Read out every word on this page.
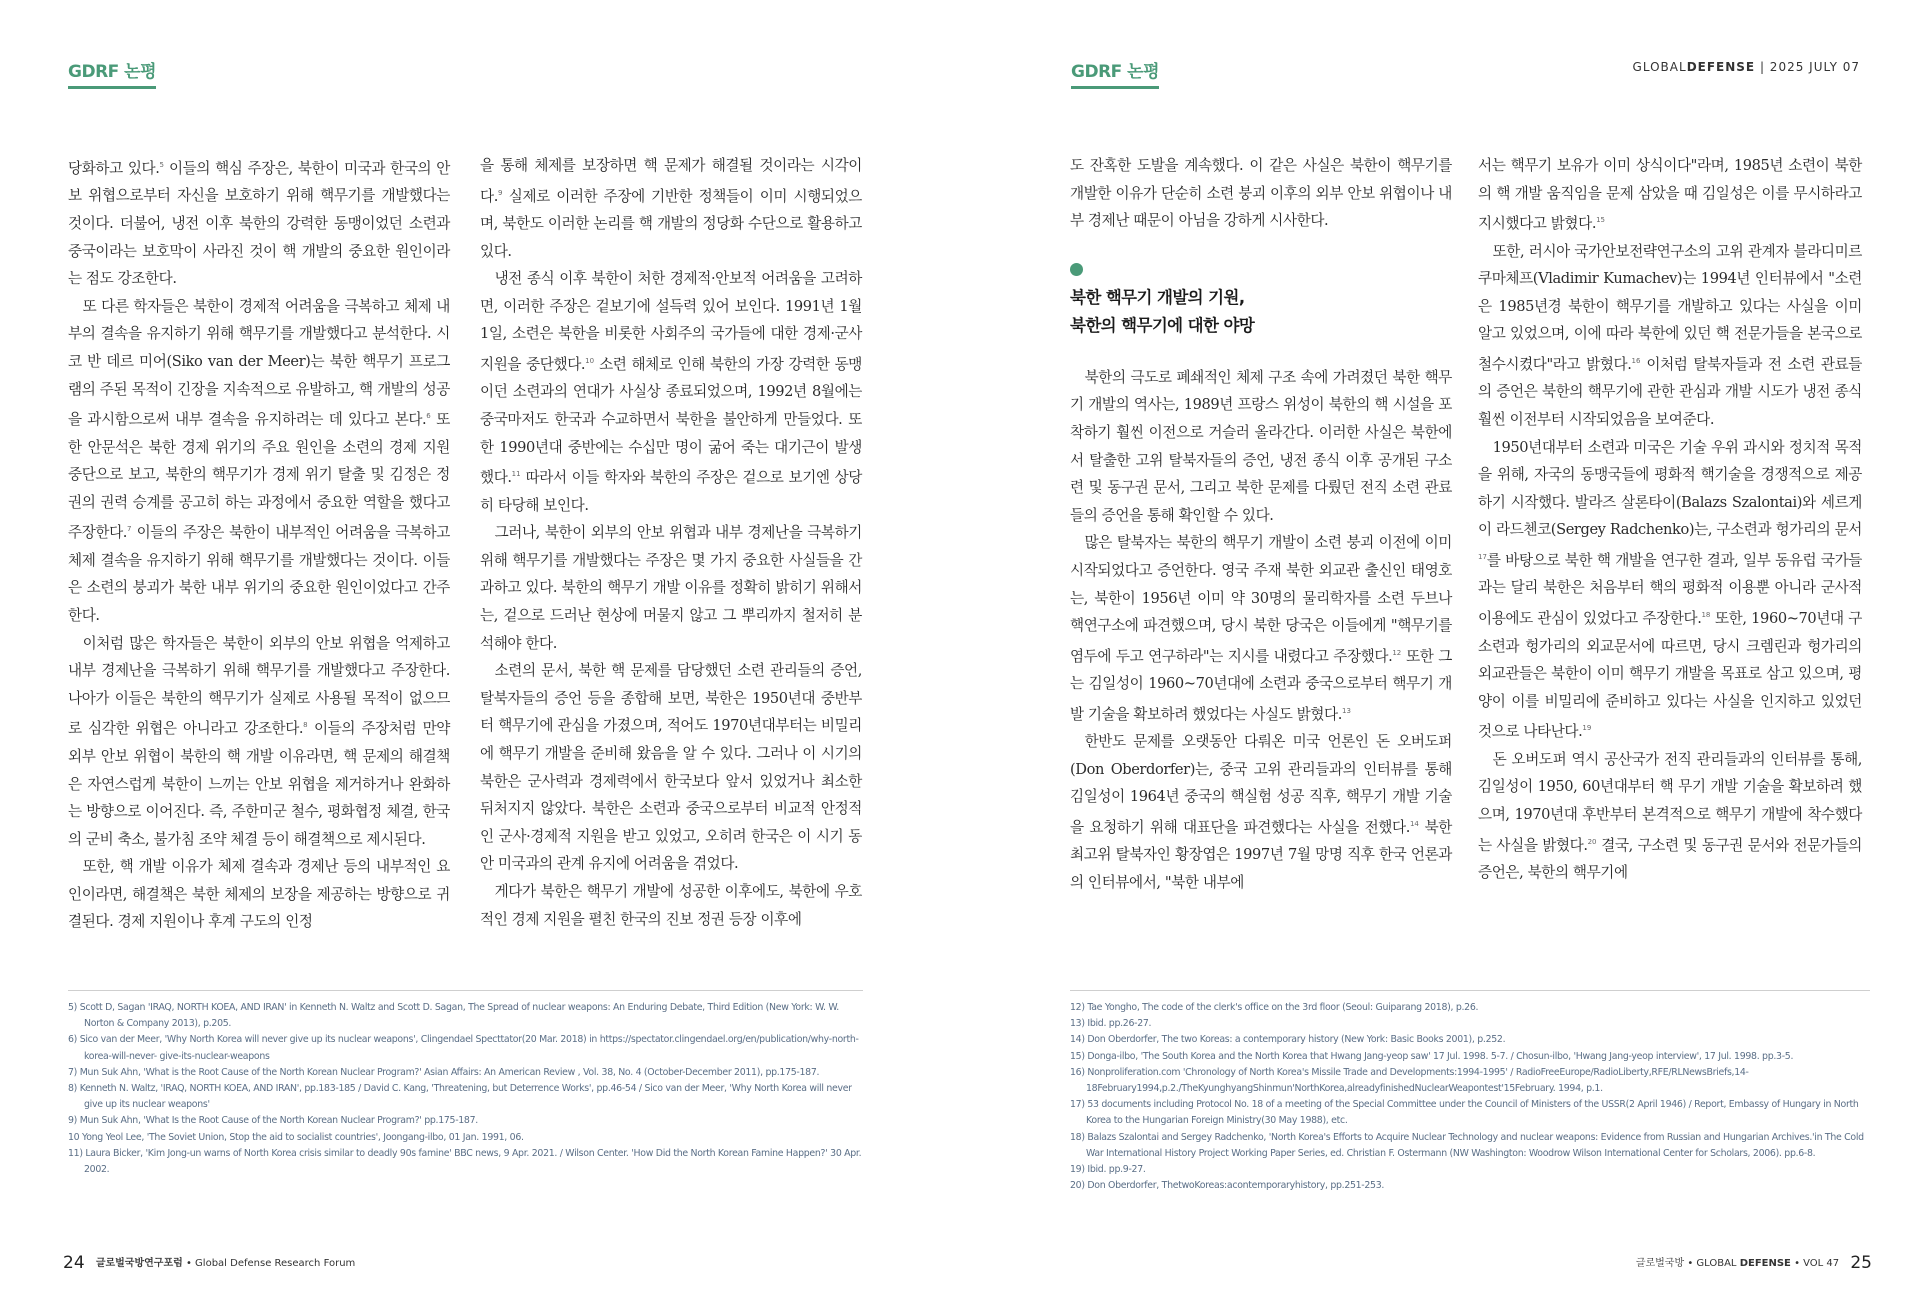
GDRF 논평

당화하고 있다.$^5$ 이들의 핵심 주장은, 북한이 미국과 한국의 안보 위협으로부터 자신을 보호하기 위해 핵무기를 개발했다는 것이다. 더불어, 냉전 이후 북한의 강력한 동맹이었던 소련과 중국이라는 보호막이 사라진 것이 핵 개발의 중요한 원인이라는 점도 강조한다.

또 다른 학자들은 북한이 경제적 어려움을 극복하고 체제 내부의 결속을 유지하기 위해 핵무기를 개발했다고 분석한다. 시코 반 데르 미어(Siko van der Meer)는 북한 핵무기 프로그램의 주된 목적이 긴장을 지속적으로 유발하고, 핵 개발의 성공을 과시함으로써 내부 결속을 유지하려는 데 있다고 본다.$^6$ 또한 안문석은 북한 경제 위기의 주요 원인을 소련의 경제 지원 중단으로 보고, 북한의 핵무기가 경제 위기 탈출 및 김정은 정권의 권력 승계를 공고히 하는 과정에서 중요한 역할을 했다고 주장한다.$^7$ 이들의 주장은 북한이 내부적인 어려움을 극복하고 체제 결속을 유지하기 위해 핵무기를 개발했다는 것이다. 이들은 소련의 붕괴가 북한 내부 위기의 중요한 원인이었다고 간주한다.

이처럼 많은 학자들은 북한이 외부의 안보 위협을 억제하고 내부 경제난을 극복하기 위해 핵무기를 개발했다고 주장한다. 나아가 이들은 북한의 핵무기가 실제로 사용될 목적이 없으므로 심각한 위협은 아니라고 강조한다.$^8$ 이들의 주장처럼 만약 외부 안보 위협이 북한의 핵 개발 이유라면, 핵 문제의 해결책은 자연스럽게 북한이 느끼는 안보 위협을 제거하거나 완화하는 방향으로 이어진다. 즉, 주한미군 철수, 평화협정 체결, 한국의 군비 축소, 불가침 조약 체결 등이 해결책으로 제시된다.

또한, 핵 개발 이유가 체제 결속과 경제난 등의 내부적인 요인이라면, 해결책은 북한 체제의 보장을 제공하는 방향으로 귀결된다. 경제 지원이나 후계 구도의 인정

을 통해 체제를 보장하면 핵 문제가 해결될 것이라는 시각이다.$^9$ 실제로 이러한 주장에 기반한 정책들이 이미 시행되었으며, 북한도 이러한 논리를 핵 개발의 정당화 수단으로 활용하고 있다.

냉전 종식 이후 북한이 처한 경제적·안보적 어려움을 고려하면, 이러한 주장은 겉보기에 설득력 있어 보인다. 1991년 1월 1일, 소련은 북한을 비롯한 사회주의 국가들에 대한 경제·군사 지원을 중단했다.$^{10}$ 소련 해체로 인해 북한의 가장 강력한 동맹이던 소련과의 연대가 사실상 종료되었으며, 1992년 8월에는 중국마저도 한국과 수교하면서 북한을 불안하게 만들었다. 또한 1990년대 중반에는 수십만 명이 굶어 죽는 대기근이 발생했다.$^{11}$ 따라서 이들 학자와 북한의 주장은 겉으로 보기엔 상당히 타당해 보인다.

그러나, 북한이 외부의 안보 위협과 내부 경제난을 극복하기 위해 핵무기를 개발했다는 주장은 몇 가지 중요한 사실들을 간과하고 있다. 북한의 핵무기 개발 이유를 정확히 밝히기 위해서는, 겉으로 드러난 현상에 머물지 않고 그 뿌리까지 철저히 분석해야 한다.

소련의 문서, 북한 핵 문제를 담당했던 소련 관리들의 증언, 탈북자들의 증언 등을 종합해 보면, 북한은 1950년대 중반부터 핵무기에 관심을 가졌으며, 적어도 1970년대부터는 비밀리에 핵무기 개발을 준비해 왔음을 알 수 있다. 그러나 이 시기의 북한은 군사력과 경제력에서 한국보다 앞서 있었거나 최소한 뒤처지지 않았다. 북한은 소련과 중국으로부터 비교적 안정적인 군사·경제적 지원을 받고 있었고, 오히려 한국은 이 시기 동안 미국과의 관계 유지에 어려움을 겪었다.

게다가 북한은 핵무기 개발에 성공한 이후에도, 북한에 우호적인 경제 지원을 펼친 한국의 진보 정권 등장 이후에

5) Scott D, Sagan 'IRAQ, NORTH KOEA, AND IRAN' in Kenneth N. Waltz and Scott D. Sagan, The Spread of nuclear weapons: An Enduring Debate, Third Edition (New York: W. W. Norton & Company 2013), p.205.
6) Sico van der Meer, 'Why North Korea will never give up its nuclear weapons', Clingendael Specttator(20 Mar. 2018) in https://spectator.clingendael.org/en/publication/why-north-korea-will-never- give-its-nuclear-weapons
7) Mun Suk Ahn, 'What is the Root Cause of the North Korean Nuclear Program?' Asian Affairs: An American Review , Vol. 38, No. 4 (October-December 2011), pp.175-187.
8) Kenneth N. Waltz, 'IRAQ, NORTH KOEA, AND IRAN', pp.183-185 / David C. Kang, 'Threatening, but Deterrence Works', pp.46-54 / Sico van der Meer, 'Why North Korea will never give up its nuclear weapons'
9) Mun Suk Ahn, 'What Is the Root Cause of the North Korean Nuclear Program?' pp.175-187.
10 Yong Yeol Lee, 'The Soviet Union, Stop the aid to socialist countries', Joongang-ilbo, 01 Jan. 1991, 06.
11) Laura Bicker, 'Kim Jong-un warns of North Korea crisis similar to deadly 90s famine' BBC news, 9 Apr. 2021. / Wilson Center. 'How Did the North Korean Famine Happen?' 30 Apr. 2002.
24 글로벌국방연구포럼 • Global Defense Research Forum
GDRF 논평	GLOBALDEFENSE | 2025 JULY 07

도 잔혹한 도발을 계속했다. 이 같은 사실은 북한이 핵무기를 개발한 이유가 단순히 소련 붕괴 이후의 외부 안보 위협이나 내부 경제난 때문이 아님을 강하게 시사한다.

북한 핵무기 개발의 기원,
북한의 핵무기에 대한 야망

북한의 극도로 폐쇄적인 체제 구조 속에 가려졌던 북한 핵무기 개발의 역사는, 1989년 프랑스 위성이 북한의 핵 시설을 포착하기 훨씬 이전으로 거슬러 올라간다. 이러한 사실은 북한에서 탈출한 고위 탈북자들의 증언, 냉전 종식 이후 공개된 구소련 및 동구권 문서, 그리고 북한 문제를 다뤘던 전직 소련 관료들의 증언을 통해 확인할 수 있다.

많은 탈북자는 북한의 핵무기 개발이 소련 붕괴 이전에 이미 시작되었다고 증언한다. 영국 주재 북한 외교관 출신인 태영호는, 북한이 1956년 이미 약 30명의 물리학자를 소련 두브나 핵연구소에 파견했으며, 당시 북한 당국은 이들에게 "핵무기를 염두에 두고 연구하라"는 지시를 내렸다고 주장했다.$^{12}$ 또한 그는 김일성이 1960~70년대에 소련과 중국으로부터 핵무기 개발 기술을 확보하려 했었다는 사실도 밝혔다.$^{13}$

한반도 문제를 오랫동안 다뤄온 미국 언론인 돈 오버도퍼(Don Oberdorfer)는, 중국 고위 관리들과의 인터뷰를 통해 김일성이 1964년 중국의 핵실험 성공 직후, 핵무기 개발 기술을 요청하기 위해 대표단을 파견했다는 사실을 전했다.$^{14}$ 북한 최고위 탈북자인 황장엽은 1997년 7월 망명 직후 한국 언론과의 인터뷰에서, "북한 내부에

서는 핵무기 보유가 이미 상식이다"라며, 1985년 소련이 북한의 핵 개발 움직임을 문제 삼았을 때 김일성은 이를 무시하라고 지시했다고 밝혔다.$^{15}$

또한, 러시아 국가안보전략연구소의 고위 관계자 블라디미르 쿠마체프(Vladimir Kumachev)는 1994년 인터뷰에서 "소련은 1985년경 북한이 핵무기를 개발하고 있다는 사실을 이미 알고 있었으며, 이에 따라 북한에 있던 핵 전문가들을 본국으로 철수시켰다"라고 밝혔다.$^{16}$ 이처럼 탈북자들과 전 소련 관료들의 증언은 북한의 핵무기에 관한 관심과 개발 시도가 냉전 종식 훨씬 이전부터 시작되었음을 보여준다.

1950년대부터 소련과 미국은 기술 우위 과시와 정치적 목적을 위해, 자국의 동맹국들에 평화적 핵기술을 경쟁적으로 제공하기 시작했다. 발라즈 살론타이(Balazs Szalontai)와 세르게이 라드첸코(Sergey Radchenko)는, 구소련과 헝가리의 문서$^{17}$를 바탕으로 북한 핵 개발을 연구한 결과, 일부 동유럽 국가들과는 달리 북한은 처음부터 핵의 평화적 이용뿐 아니라 군사적 이용에도 관심이 있었다고 주장한다.$^{18}$ 또한, 1960~70년대 구소련과 헝가리의 외교문서에 따르면, 당시 크렘린과 헝가리의 외교관들은 북한이 이미 핵무기 개발을 목표로 삼고 있으며, 평양이 이를 비밀리에 준비하고 있다는 사실을 인지하고 있었던 것으로 나타난다.$^{19}$

돈 오버도퍼 역시 공산국가 전직 관리들과의 인터뷰를 통해, 김일성이 1950, 60년대부터 핵 무기 개발 기술을 확보하려 했으며, 1970년대 후반부터 본격적으로 핵무기 개발에 착수했다는 사실을 밝혔다.$^{20}$ 결국, 구소련 및 동구권 문서와 전문가들의 증언은, 북한의 핵무기에

12) Tae Yongho, The code of the clerk's office on the 3rd floor (Seoul: Guiparang 2018), p.26.
13) Ibid. pp.26-27.
14) Don Oberdorfer, The two Koreas: a contemporary history (New York: Basic Books 2001), p.252.
15) Donga-ilbo, 'The South Korea and the North Korea that Hwang Jang-yeop saw' 17 Jul. 1998. 5-7. / Chosun-ilbo, 'Hwang Jang-yeop interview', 17 Jul. 1998. pp.3-5.
16) Nonproliferation.com 'Chronology of North Korea's Missile Trade and Developments:1994-1995' / RadioFreeEurope/RadioLiberty,RFE/RLNewsBriefs,14-18February1994,p.2./TheKyunghyangShinmun'NorthKorea,alreadyfinishedNuclearWeapontest'15February. 1994, p.1.
17) 53 documents including Protocol No. 18 of a meeting of the Special Committee under the Council of Ministers of the USSR(2 April 1946) / Report, Embassy of Hungary in North Korea to the Hungarian Foreign Ministry(30 May 1988), etc.
18) Balazs Szalontai and Sergey Radchenko, 'North Korea's Efforts to Acquire Nuclear Technology and nuclear weapons: Evidence from Russian and Hungarian Archives.'in The Cold War International History Project Working Paper Series, ed. Christian F. Ostermann (NW Washington: Woodrow Wilson International Center for Scholars, 2006). pp.6-8.
19) Ibid. pp.9-27.
20) Don Oberdorfer, ThetwoKoreas:acontemporaryhistory, pp.251-253.
글로벌국방 • GLOBAL DEFENSE • VOL 47 25
